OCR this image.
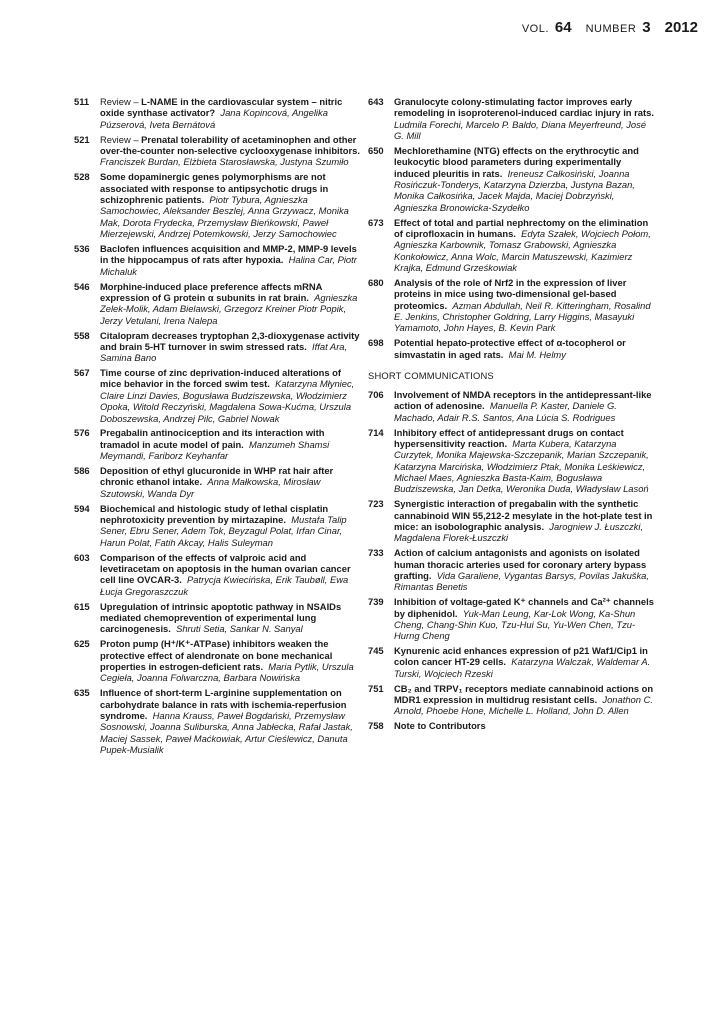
VOL. 64 NUMBER 3 2012
511	Review – L-NAME in the cardiovascular system – nitric oxide synthase activator? Jana Kopincová, Angelika Púzserová, Iveta Bernátová
521	Review – Prenatal tolerability of acetaminophen and other over-the-counter non-selective cyclooxygenase inhibitors.  Franciszek Burdan, Elżbieta Starosławska, Justyna Szumiło
528	Some dopaminergic genes polymorphisms are not associated with response to antipsychotic drugs in schizophrenic patients. Piotr Tybura, Agnieszka Samochowiec, Aleksander Beszlej, Anna Grzywacz, Monika Mak, Dorota Frydecka, Przemysław Bieńkowski, Paweł Mierzejewski, Andrzej Potemkowski, Jerzy Samochowiec
536	Baclofen influences acquisition and MMP-2, MMP-9 levels in the hippocampus of rats after hypoxia. Halina Car, Piotr Michaluk
546	Morphine-induced place preference affects mRNA expression of G protein α subunits in rat brain. Agnieszka Zelek-Molik, Adam Bielawski, Grzegorz Kreiner Piotr Popik, Jerzy Vetulani, Irena Nalepa
558	Citalopram decreases tryptophan 2,3-dioxygenase activity and brain 5-HT turnover in swim stressed rats. Iffat Ara, Samina Bano
567	Time course of zinc deprivation-induced alterations of mice behavior in the forced swim test. Katarzyna Młyniec, Claire Linzi Davies, Bogusława Budziszewska, Włodzimierz Opoka, Witold Reczyński, Magdalena Sowa-Kućma, Urszula Doboszewska, Andrzej Pilc, Gabriel Nowak
576	Pregabalin antinociception and its interaction with tramadol in acute model of pain. Manzumeh Shamsi Meymandi, Fariborz Keyhanfar
586	Deposition of ethyl glucuronide in WHP rat hair after chronic ethanol intake. Anna Małkowska, Mirosław Szutowski, Wanda Dyr
594	Biochemical and histologic study of lethal cisplatin nephrotoxicity prevention by mirtazapine. Mustafa Talip Sener, Ebru Sener, Adem Tok, Beyzagul Polat, Irfan Cinar, Harun Polat, Fatih Akcay, Halis Suleyman
603	Comparison of the effects of valproic acid and levetiracetam on apoptosis in the human ovarian cancer cell line OVCAR-3. Patrycja Kwiecińska, Erik Taubøll, Ewa Łucja Gregoraszczuk
615	Upregulation of intrinsic apoptotic pathway in NSAIDs mediated chemoprevention of experimental lung carcinogenesis. Shruti Setia, Sankar N. Sanyal
625	Proton pump (H⁺/K⁺-ATPase) inhibitors weaken the protective effect of alendronate on bone mechanical properties in estrogen-deficient rats. Maria Pytlik, Urszula Cegieła, Joanna Folwarczna, Barbara Nowińska
635	Influence of short-term L-arginine supplementation on carbohydrate balance in rats with ischemia-reperfusion syndrome. Hanna Krauss, Paweł Bogdański, Przemysław Sosnowski, Joanna Suliburska, Anna Jabłecka, Rafał Jastak, Maciej Sassek, Paweł Maćkowiak, Artur Cieślewicz, Danuta Pupek-Musialik
643	Granulocyte colony-stimulating factor improves early remodeling in isoproterenol-induced cardiac injury in rats.  Ludmila Forechi, Marcelo P. Baldo, Diana Meyerfreund, José G. Mill
650	Mechlorethamine (NTG) effects on the erythrocytic and leukocytic blood parameters during experimentally induced pleuritis in rats. Ireneusz Całkosiński, Joanna Rosińczuk-Tonderys, Katarzyna Dzierzba, Justyna Bazan, Monika Całkosińka, Jacek Majda, Maciej Dobrzyński, Agnieszka Bronowicka-Szydełko
673	Effect of total and partial nephrectomy on the elimination of ciprofloxacin in humans. Edyta Szałek, Wojciech Połom, Agnieszka Karbownik, Tomasz Grabowski, Agnieszka Konkołowicz, Anna Wolc, Marcin Matuszewski, Kazimierz Krajka, Edmund Grześkowiak
680	Analysis of the role of Nrf2 in the expression of liver proteins in mice using two-dimensional gel-based proteomics. Azman Abdullah, Neil R. Kitteringham, Rosalind E. Jenkins, Christopher Goldring, Larry Higgins, Masayuki Yamamoto, John Hayes, B. Kevin Park
698	Potential hepato-protective effect of α-tocopherol or simvastatin in aged rats. Mai M. Helmy
SHORT COMMUNICATIONS
706	Involvement of NMDA receptors in the antidepressant-like action of adenosine. Manuella P. Kaster, Daniele G. Machado, Adair R.S. Santos, Ana Lúcia S. Rodrigues
714	Inhibitory effect of antidepressant drugs on contact hypersensitivity reaction. Marta Kubera, Katarzyna Curzytek, Monika Majewska-Szczepanik, Marian Szczepanik, Katarzyna Marcińska, Włodzimierz Ptak, Monika Leśkiewicz, Michael Maes, Agnieszka Basta-Kaim, Bogusława Budziszewska, Jan Detka, Weronika Duda, Władysław Lasoń
723	Synergistic interaction of pregabalin with the synthetic cannabinoid WIN 55,212-2 mesylate in the hot-plate test in mice: an isobolographic analysis. Jarogniew J. Łuszczki, Magdalena Florek-Łuszczki
733	Action of calcium antagonists and agonists on isolated human thoracic arteries used for coronary artery bypass grafting. Vida Garaliene, Vygantas Barsys, Povilas Jakuška, Rimantas Benetis
739	Inhibition of voltage-gated K⁺ channels and Ca²⁺ channels by diphenidol. Yuk-Man Leung, Kar-Lok Wong, Ka-Shun Cheng, Chang-Shin Kuo, Tzu-Hui Su, Yu-Wen Chen, Tzu-Hurng Cheng
745	Kynurenic acid enhances expression of p21 Waf1/Cip1 in colon cancer HT-29 cells. Katarzyna Walczak, Waldemar A. Turski, Wojciech Rzeski
751	CB₂ and TRPV₁ receptors mediate cannabinoid actions on MDR1 expression in multidrug resistant cells. Jonathon C. Arnold, Phoebe Hone, Michelle L. Holland, John D. Allen
758	Note to Contributors
